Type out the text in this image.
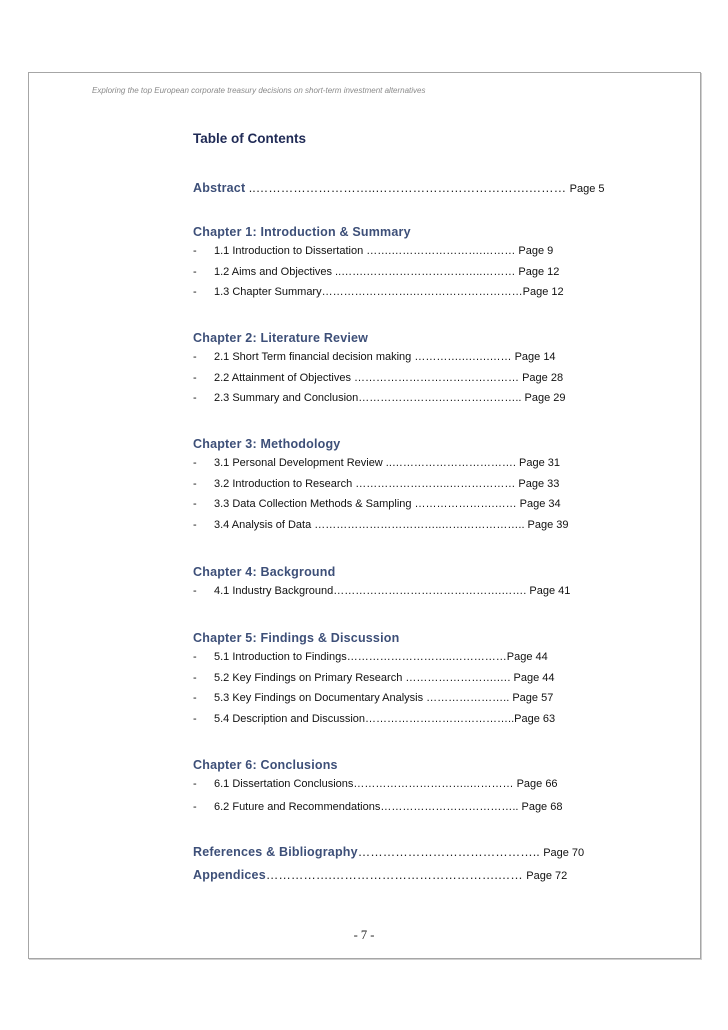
Exploring the top European corporate treasury decisions on short-term investment alternatives
Table of Contents
Abstract ..………………………..……………………………….……… Page 5
Chapter 1: Introduction & Summary
- 1.1 Introduction to Dissertation …….…………………….……… Page 9
- 1.2 Aims and Objectives ..…….…………………………..……… Page 12
- 1.3 Chapter Summary…………………….…………………………Page 12
Chapter 2: Literature Review
- 2.1 Short Term financial decision making ………….….….…… Page 14
- 2.2 Attainment of Objectives ……………………………………… Page 28
- 2.3 Summary and Conclusion………………….………………….. Page 29
Chapter 3: Methodology
- 3.1 Personal Development Review ..……………………………. Page 31
- 3.2 Introduction to Research ……………………..……………… Page 33
- 3.3 Data Collection Methods & Sampling ………………….…… Page 34
- 3.4 Analysis of Data ……………………………..………………….. Page 39
Chapter 4: Background
- 4.1 Industry Background……………………………………….……. Page 41
Chapter 5: Findings & Discussion
- 5.1 Introduction to Findings………………………..……………Page 44
- 5.2 Key Findings on Primary Research …………………….…. Page 44
- 5.3 Key Findings on Documentary Analysis ………………….. Page 57
- 5.4 Description and Discussion…………………………………..Page 63
Chapter 6: Conclusions
- 6.1 Dissertation Conclusions…………………………..………… Page 66
- 6.2 Future and Recommendations……………………………….. Page 68
References & Bibliography…………………………………….. Page 70
Appendices…………….………………………………….…… Page 72
- 7 -
